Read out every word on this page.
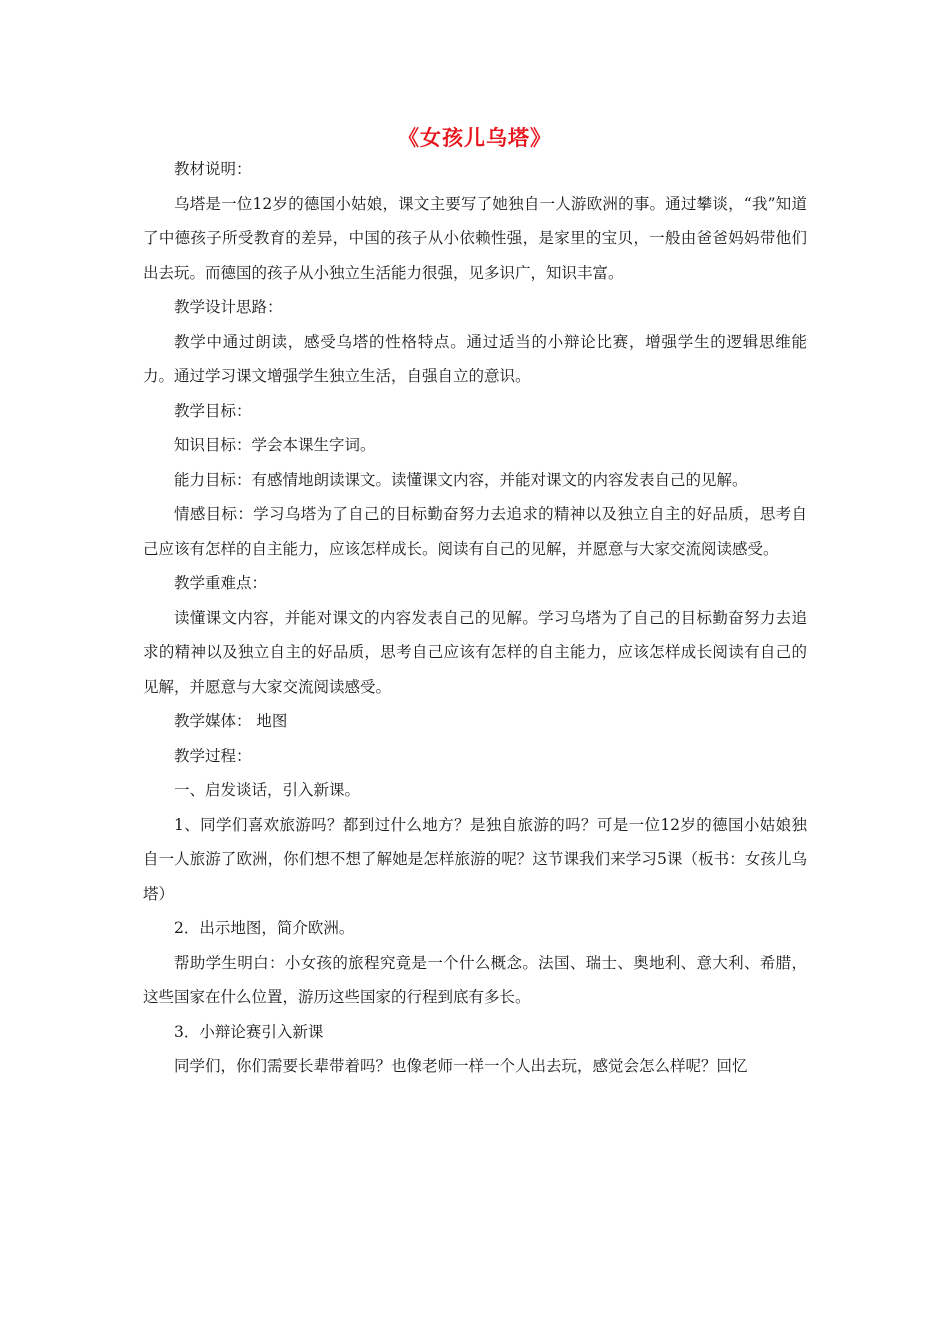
《女孩儿乌塔》

教材说明：

乌塔是一位12岁的德国小姑娘，课文主要写了她独自一人游欧洲的事。通过攀谈，“我”知道了中德孩子所受教育的差异，中国的孩子从小依赖性强，是家里的宝贝，一般由爸爸妈妈带他们出去玩。而德国的孩子从小独立生活能力很强，见多识广，知识丰富。

教学设计思路：

教学中通过朗读，感受乌塔的性格特点。通过适当的小辩论比赛，增强学生的逻辑思维能力。通过学习课文增强学生独立生活，自强自立的意识。

教学目标：

知识目标：学会本课生字词。

能力目标：有感情地朗读课文。读懂课文内容，并能对课文的内容发表自己的见解。

情感目标：学习乌塔为了自己的目标勤奋努力去追求的精神以及独立自主的好品质，思考自己应该有怎样的自主能力，应该怎样成长。阅读有自己的见解，并愿意与大家交流阅读感受。

教学重难点：

读懂课文内容，并能对课文的内容发表自己的见解。学习乌塔为了自己的目标勤奋努力去追求的精神以及独立自主的好品质，思考自己应该有怎样的自主能力，应该怎样成长阅读有自己的见解，并愿意与大家交流阅读感受。

教学媒体： 地图

教学过程：

一、启发谈话，引入新课。

1、同学们喜欢旅游吗？都到过什么地方？是独自旅游的吗？可是一位12岁的德国小姑娘独自一人旅游了欧洲，你们想不想了解她是怎样旅游的呢？这节课我们来学习5课（板书：女孩儿乌塔）

2．出示地图，简介欧洲。

帮助学生明白：小女孩的旅程究竟是一个什么概念。法国、瑞士、奥地利、意大利、希腊，这些国家在什么位置，游历这些国家的行程到底有多长。

3．小辩论赛引入新课

同学们，你们需要长辈带着吗？也像老师一样一个人出去玩，感觉会怎么样呢？回忆
